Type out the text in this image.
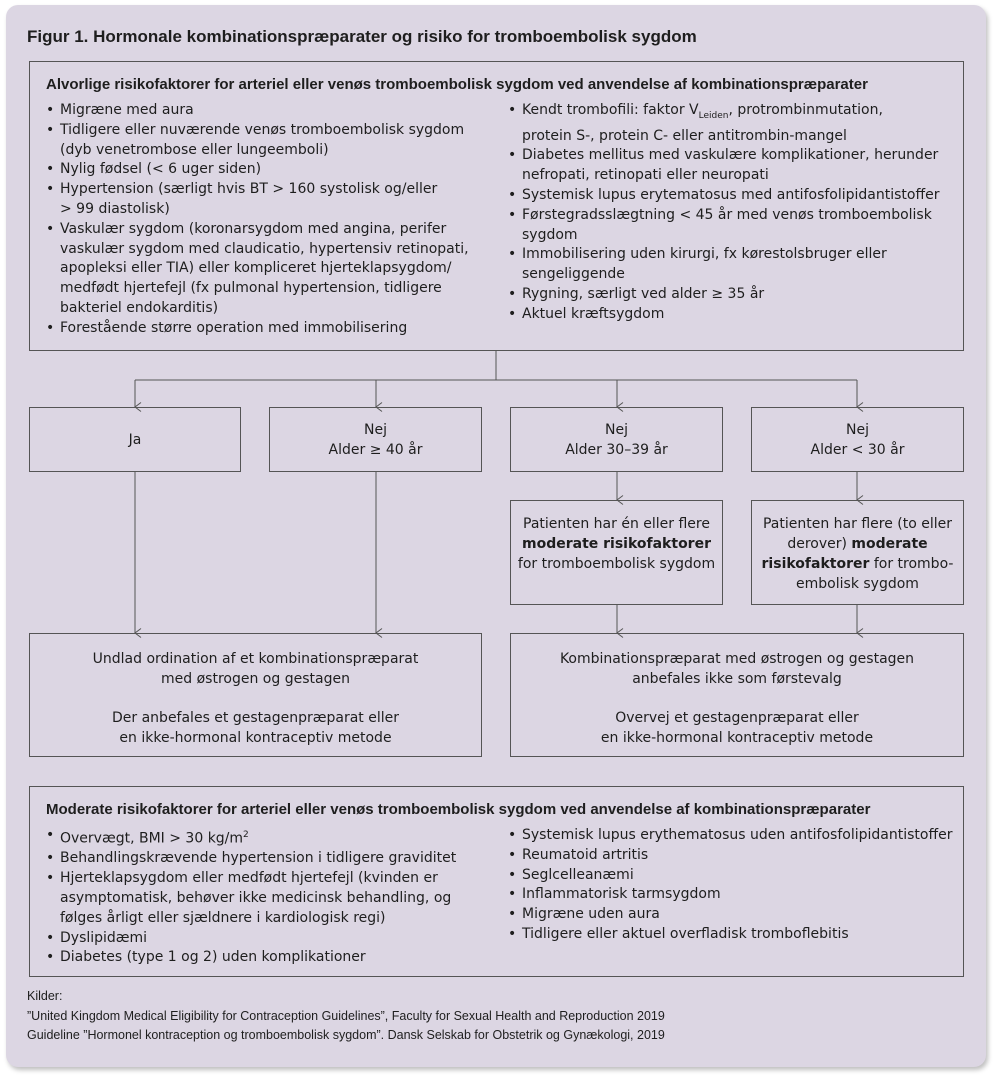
Figur 1. Hormonale kombinationspræparater og risiko for tromboembolisk sygdom
Alvorlige risikofaktorer for arteriel eller venøs tromboembolisk sygdom ved anvendelse af kombinationspræparater
• Migræne med aura
• Tidligere eller nuværende venøs tromboembolisk sygdom
(dyb venetrombose eller lungeemboli)
• Nylig fødsel (< 6 uger siden)
• Hypertension (særligt hvis BT > 160 systolisk og/eller
> 99 diastolisk)
• Vaskulær sygdom (koronarsygdom med angina, perifer
vaskulær sygdom med claudicatio, hypertensiv retinopati,
apopleksi eller TIA) eller kompliceret hjerteklapsygdom/
medfødt hjertefejl (fx pulmonal hypertension, tidligere
bakteriel endokarditis)
• Forestående større operation med immobilisering
• Kendt trombofili: faktor $V_{Leiden}$, protrombinmutation,
protein S-, protein C- eller antitrombin-mangel
• Diabetes mellitus med vaskulære komplikationer, herunder
nefropati, retinopati eller neuropati
• Systemisk lupus erytematosus med antifosfolipidantistoffer
• Førstegradsslægtning < 45 år med venøs tromboembolisk
sygdom
• Immobilisering uden kirurgi, fx kørestolsbruger eller
sengeliggende
• Rygning, særligt ved alder ≥ 35 år
• Aktuel kræftsygdom
Ja
Nej
Alder ≥ 40 år
Nej
Alder 30–39 år
Nej
Alder < 30 år
Patienten har én eller flere
moderate risikofaktorer
for tromboembolisk sygdom
Patienten har flere (to eller
derover) moderate
risikofaktorer for trombo-
embolisk sygdom
Undlad ordination af et kombinationspræparat
med østrogen og gestagen
Der anbefales et gestagenpræparat eller
en ikke-hormonal kontraceptiv metode
Kombinationspræparat med østrogen og gestagen
anbefales ikke som førstevalg
Overvej et gestagenpræparat eller
en ikke-hormonal kontraceptiv metode
Moderate risikofaktorer for arteriel eller venøs tromboembolisk sygdom ved anvendelse af kombinationspræparater
• Overvægt, BMI > 30 $kg/m^2$
• Behandlingskrævende hypertension i tidligere graviditet
• Hjerteklapsygdom eller medfødt hjertefejl (kvinden er
asymptomatisk, behøver ikke medicinsk behandling, og
følges årligt eller sjældnere i kardiologisk regi)
• Dyslipidæmi
• Diabetes (type 1 og 2) uden komplikationer
• Systemisk lupus erythematosus uden antifosfolipidantistoffer
• Reumatoid artritis
• Seglcelleanæmi
• Inflammatorisk tarmsygdom
• Migræne uden aura
• Tidligere eller aktuel overfladisk tromboflebitis
Kilder:
”United Kingdom Medical Eligibility for Contraception Guidelines”, Faculty for Sexual Health and Reproduction 2019
Guideline ”Hormonel kontraception og tromboembolisk sygdom”. Dansk Selskab for Obstetrik og Gynækologi, 2019
